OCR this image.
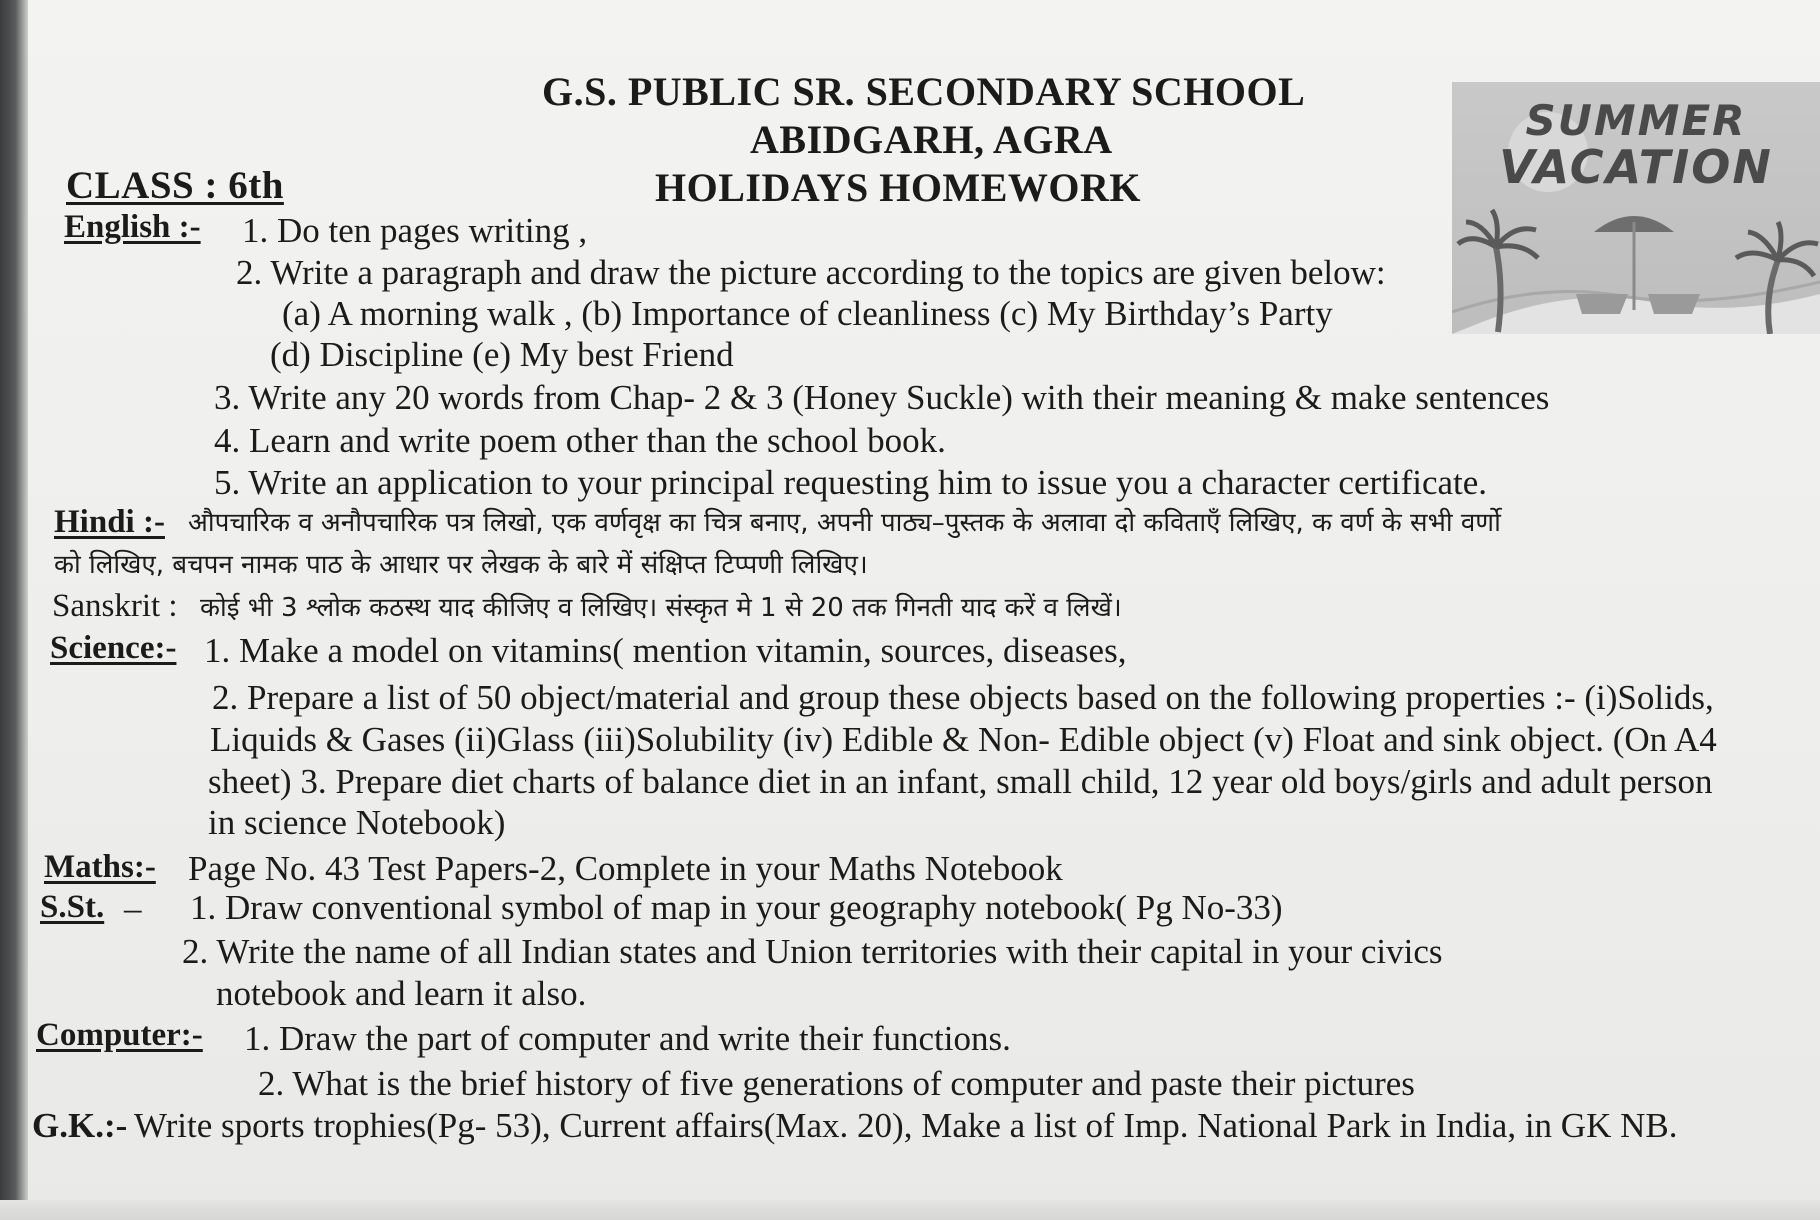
G.S. PUBLIC SR. SECONDARY SCHOOL
ABIDGARH, AGRA
HOLIDAYS HOMEWORK
CLASS : 6th
SUMMER
VACATION
English :- 1. Do ten pages writing ,
2. Write a paragraph and draw the picture according to the topics are given below:
(a) A morning walk , (b) Importance of cleanliness (c) My Birthday’s Party
(d) Discipline (e) My best Friend
3. Write any 20 words from Chap- 2 & 3 (Honey Suckle) with their meaning & make sentences
4. Learn and write poem other than the school book.
5. Write an application to your principal requesting him to issue you a character certificate.
Hindi :- औपचारिक व अनौपचारिक पत्र लिखो, एक वर्णवृक्ष का चित्र बनाए, अपनी पाठ्य–पुस्तक के अलावा दो कविताएँ लिखिए, क वर्ण के सभी वर्णो
को लिखिए, बचपन नामक पाठ के आधार पर लेखक के बारे में संक्षिप्त टिप्पणी लिखिए।
Sanskrit : कोई भी 3 श्लोक कठस्थ याद कीजिए व लिखिए। संस्कृत मे 1 से 20 तक गिनती याद करें व लिखें।
Science:- 1. Make a model on vitamins( mention vitamin, sources, diseases,
2. Prepare a list of 50 object/material and group these objects based on the following properties :- (i)Solids,
Liquids & Gases (ii)Glass (iii)Solubility (iv) Edible & Non- Edible object (v) Float and sink object. (On A4
sheet) 3. Prepare diet charts of balance diet in an infant, small child, 12 year old boys/girls and adult person
in science Notebook)
Maths:- Page No. 43 Test Papers-2, Complete in your Maths Notebook
S.St. – 1. Draw conventional symbol of map in your geography notebook( Pg No-33)
2. Write the name of all Indian states and Union territories with their capital in your civics
notebook and learn it also.
Computer:- 1. Draw the part of computer and write their functions.
2. What is the brief history of five generations of computer and paste their pictures
G.K.:- Write sports trophies(Pg- 53), Current affairs(Max. 20), Make a list of Imp. National Park in India, in GK NB.
